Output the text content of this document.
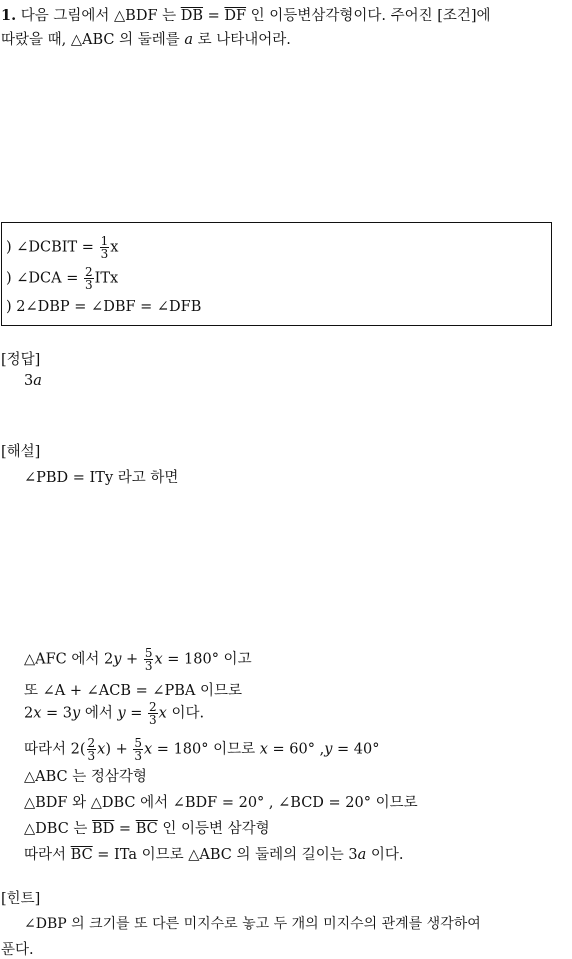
1. 다음 그림에서 △BDF 는 $\overline{DB} = \overline{DF}$ 인 이등변삼각형이다. 주어진 [조건]에
따랐을 때, △ABC 의 둘레를 a 로 나타내어라.
) ∠DCBIT = $\frac{1}{3}$ x
) ∠DCA = $\frac{2}{3}$ ITx
) 2∠DBP = ∠DBF = ∠DFB
[정답]
3a
[해설]
∠PBD = ITy 라고 하면
△AFC 에서 $2y + \frac{5}{3}$ x = 180° 이고
또 ∠A + ∠ACB = ∠PBA 이므로
2x = 3y 에서 $y = \frac{2}{3}$ x 이다.
따라서 $2( \frac{2}{3} x) + \frac{5}{3}$ x = 180° 이므로 x = 60° ,y = 40°
△ABC 는 정삼각형
△BDF 와 △DBC 에서 ∠BDF = 20° , ∠BCD = 20° 이므로
△DBC 는 $\overline{BD} = \overline{BC}$ 인 이등변 삼각형
따라서 $\overline{BC}$ = ITa 이므로 △ABC 의 둘레의 길이는 3a 이다.
[힌트]
∠DBP 의 크기를 또 다른 미지수로 놓고 두 개의 미지수의 관계를 생각하여
푼다.
